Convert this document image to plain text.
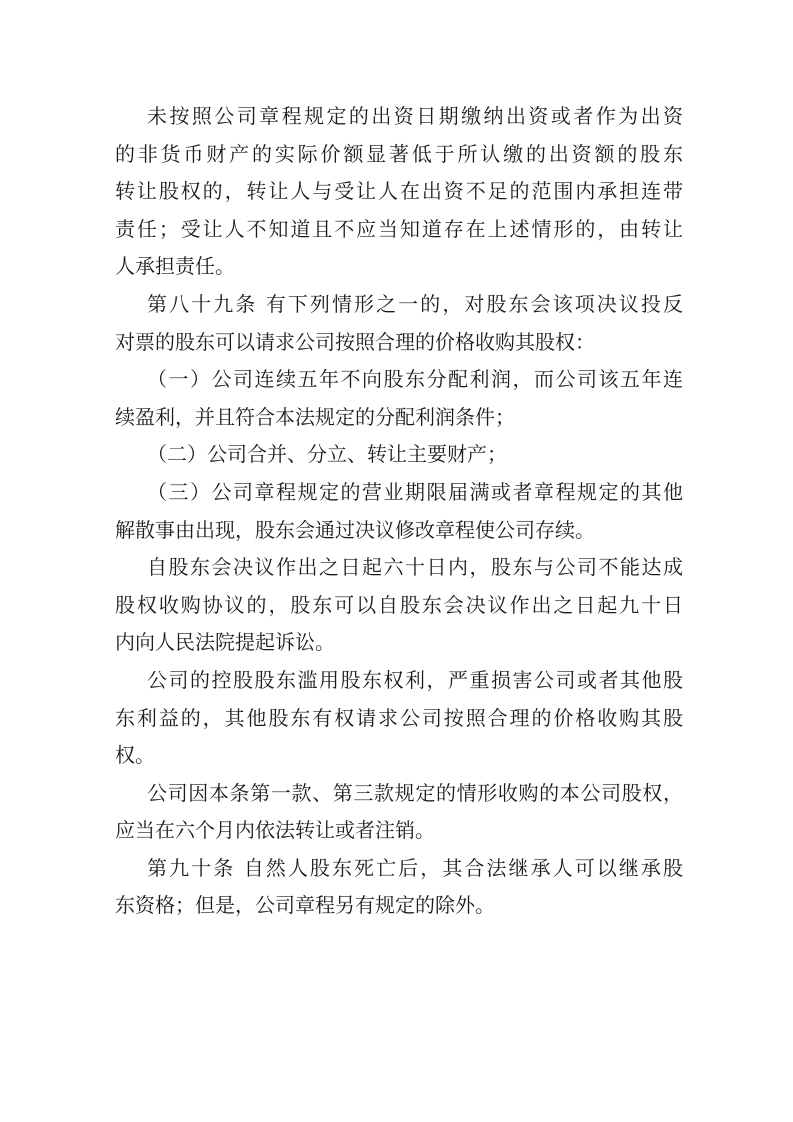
未按照公司章程规定的出资日期缴纳出资或者作为出资
的非货币财产的实际价额显著低于所认缴的出资额的股东
转让股权的，转让人与受让人在出资不足的范围内承担连带
责任；受让人不知道且不应当知道存在上述情形的，由转让
人承担责任。
第八十九条 有下列情形之一的，对股东会该项决议投反
对票的股东可以请求公司按照合理的价格收购其股权：
（一）公司连续五年不向股东分配利润，而公司该五年连
续盈利，并且符合本法规定的分配利润条件；
（二）公司合并、分立、转让主要财产；
（三）公司章程规定的营业期限届满或者章程规定的其他
解散事由出现，股东会通过决议修改章程使公司存续。
自股东会决议作出之日起六十日内，股东与公司不能达成
股权收购协议的，股东可以自股东会决议作出之日起九十日
内向人民法院提起诉讼。
公司的控股股东滥用股东权利，严重损害公司或者其他股
东利益的，其他股东有权请求公司按照合理的价格收购其股
权。
公司因本条第一款、第三款规定的情形收购的本公司股权，
应当在六个月内依法转让或者注销。
第九十条 自然人股东死亡后，其合法继承人可以继承股
东资格；但是，公司章程另有规定的除外。
